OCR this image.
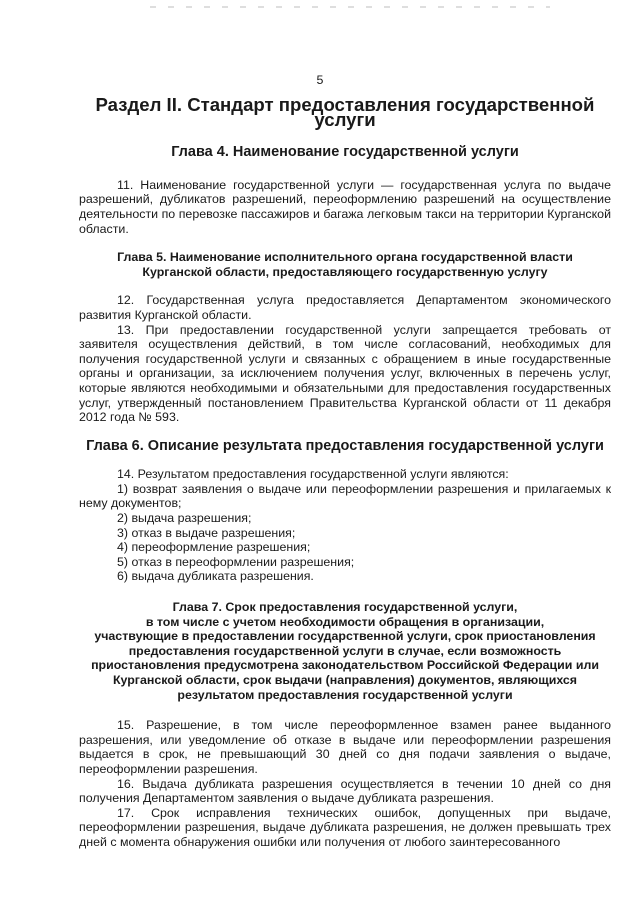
5
Раздел II. Стандарт предоставления государственной услуги
Глава 4. Наименование государственной услуги

11. Наименование государственной услуги — государственная услуга по выдаче разрешений, дубликатов разрешений, переоформлению разрешений на осуществление деятельности по перевозке пассажиров и багажа легковым такси на территории Курганской области.

Глава 5. Наименование исполнительного органа государственной власти
Курганской области, предоставляющего государственную услугу

12. Государственная услуга предоставляется Департаментом экономического развития Курганской области.

13. При предоставлении государственной услуги запрещается требовать от заявителя осуществления действий, в том числе согласований, необходимых для получения государственной услуги и связанных с обращением в иные государственные органы и организации, за исключением получения услуг, включенных в перечень услуг, которые являются необходимыми и обязательными для предоставления государственных услуг, утвержденный постановлением Правительства Курганской области от 11 декабря 2012 года № 593.

Глава 6. Описание результата предоставления государственной услуги

14. Результатом предоставления государственной услуги являются:

1) возврат заявления о выдаче или переоформлении разрешения и прилагаемых к нему документов;

2) выдача разрешения;

3) отказ в выдаче разрешения;

4) переоформление разрешения;

5) отказ в переоформлении разрешения;

6) выдача дубликата разрешения.

Глава 7. Срок предоставления государственной услуги,
в том числе с учетом необходимости обращения в организации,
участвующие в предоставлении государственной услуги, срок приостановления
предоставления государственной услуги в случае, если возможность
приостановления предусмотрена законодательством Российской Федерации или
Курганской области, срок выдачи (направления) документов, являющихся
результатом предоставления государственной услуги

15. Разрешение, в том числе переоформленное взамен ранее выданного разрешения, или уведомление об отказе в выдаче или переоформлении разрешения выдается в срок, не превышающий 30 дней со дня подачи заявления о выдаче, переоформлении разрешения.

16. Выдача дубликата разрешения осуществляется в течении 10 дней со дня получения Департаментом заявления о выдаче дубликата разрешения.

17. Срок исправления технических ошибок, допущенных при выдаче, переоформлении разрешения, выдаче дубликата разрешения, не должен превышать трех дней с момента обнаружения ошибки или получения от любого заинтересованного
